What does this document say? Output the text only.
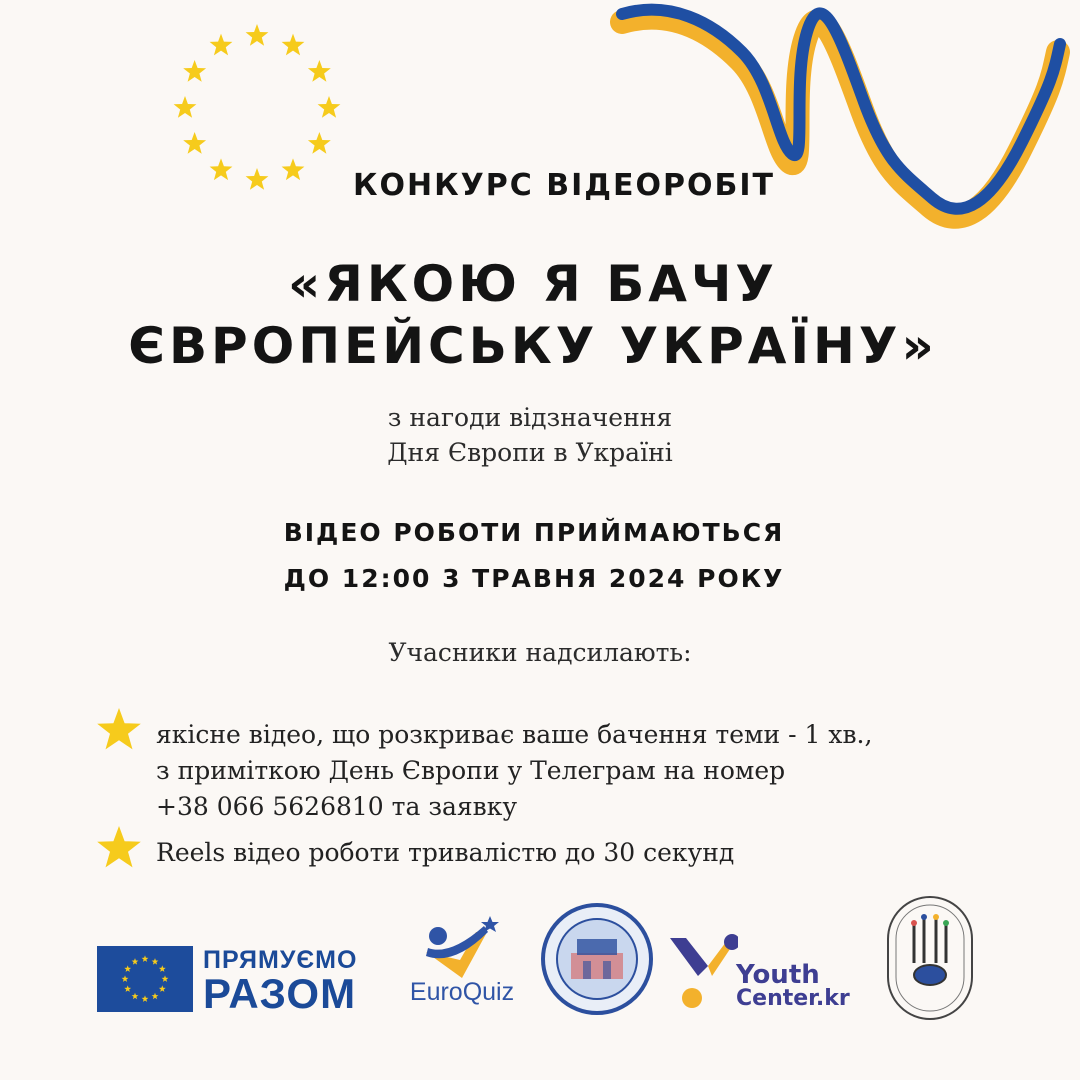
КОНКУРС ВІДЕОРОБІТ
«ЯКОЮ Я БАЧУ
ЄВРОПЕЙСЬКУ УКРАЇНУ»
з нагоди відзначення
Дня Європи в Україні
ВІДЕО РОБОТИ ПРИЙМАЮТЬСЯ
ДО 12:00 3 ТРАВНЯ 2024 РОКУ
Учасники надсилають:
якісне відео, що розкриває ваше бачення теми - 1 хв.,
з приміткою День Європи у Телеграм на номер
+38 066 5626810 та заявку
Reels відео роботи тривалістю до 30 секунд
ПРЯМУЄМО
РАЗОМ	EuroQuiz
Youth
Center.kr
